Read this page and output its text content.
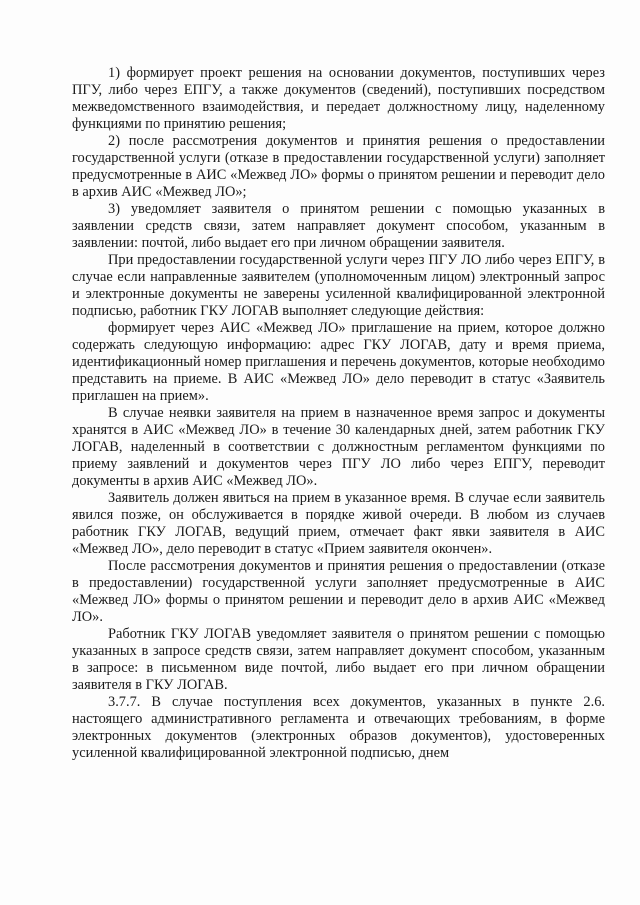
1) формирует проект решения на основании документов, поступивших через ПГУ, либо через ЕПГУ, а также документов (сведений), поступивших посредством межведомственного взаимодействия, и передает должностному лицу, наделенному функциями по принятию решения;

2) после рассмотрения документов и принятия решения о предоставлении государственной услуги (отказе в предоставлении государственной услуги) заполняет предусмотренные в АИС «Межвед ЛО» формы о принятом решении и переводит дело в архив АИС «Межвед ЛО»;

3) уведомляет заявителя о принятом решении с помощью указанных в заявлении средств связи, затем направляет документ способом, указанным в заявлении: почтой, либо выдает его при личном обращении заявителя.

При предоставлении государственной услуги через ПГУ ЛО либо через ЕПГУ, в случае если направленные заявителем (уполномоченным лицом) электронный запрос и электронные документы не заверены усиленной квалифицированной электронной подписью, работник ГКУ ЛОГАВ выполняет следующие действия:

формирует через АИС «Межвед ЛО» приглашение на прием, которое должно содержать следующую информацию: адрес ГКУ ЛОГАВ, дату и время приема, идентификационный номер приглашения и перечень документов, которые необходимо представить на приеме. В АИС «Межвед ЛО» дело переводит в статус «Заявитель приглашен на прием».

В случае неявки заявителя на прием в назначенное время запрос и документы хранятся в АИС «Межвед ЛО» в течение 30 календарных дней, затем работник ГКУ ЛОГАВ, наделенный в соответствии с должностным регламентом функциями по приему заявлений и документов через ПГУ ЛО либо через ЕПГУ, переводит документы в архив АИС «Межвед ЛО».

Заявитель должен явиться на прием в указанное время. В случае если заявитель явился позже, он обслуживается в порядке живой очереди. В любом из случаев работник ГКУ ЛОГАВ, ведущий прием, отмечает факт явки заявителя в АИС «Межвед ЛО», дело переводит в статус «Прием заявителя окончен».

После рассмотрения документов и принятия решения о предоставлении (отказе в предоставлении) государственной услуги заполняет предусмотренные в АИС «Межвед ЛО» формы о принятом решении и переводит дело в архив АИС «Межвед ЛО».

Работник ГКУ ЛОГАВ уведомляет заявителя о принятом решении с помощью указанных в запросе средств связи, затем направляет документ способом, указанным в запросе: в письменном виде почтой, либо выдает его при личном обращении заявителя в ГКУ ЛОГАВ.

3.7.7. В случае поступления всех документов, указанных в пункте 2.6. настоящего административного регламента и отвечающих требованиям, в форме электронных документов (электронных образов документов), удостоверенных усиленной квалифицированной электронной подписью, днем
